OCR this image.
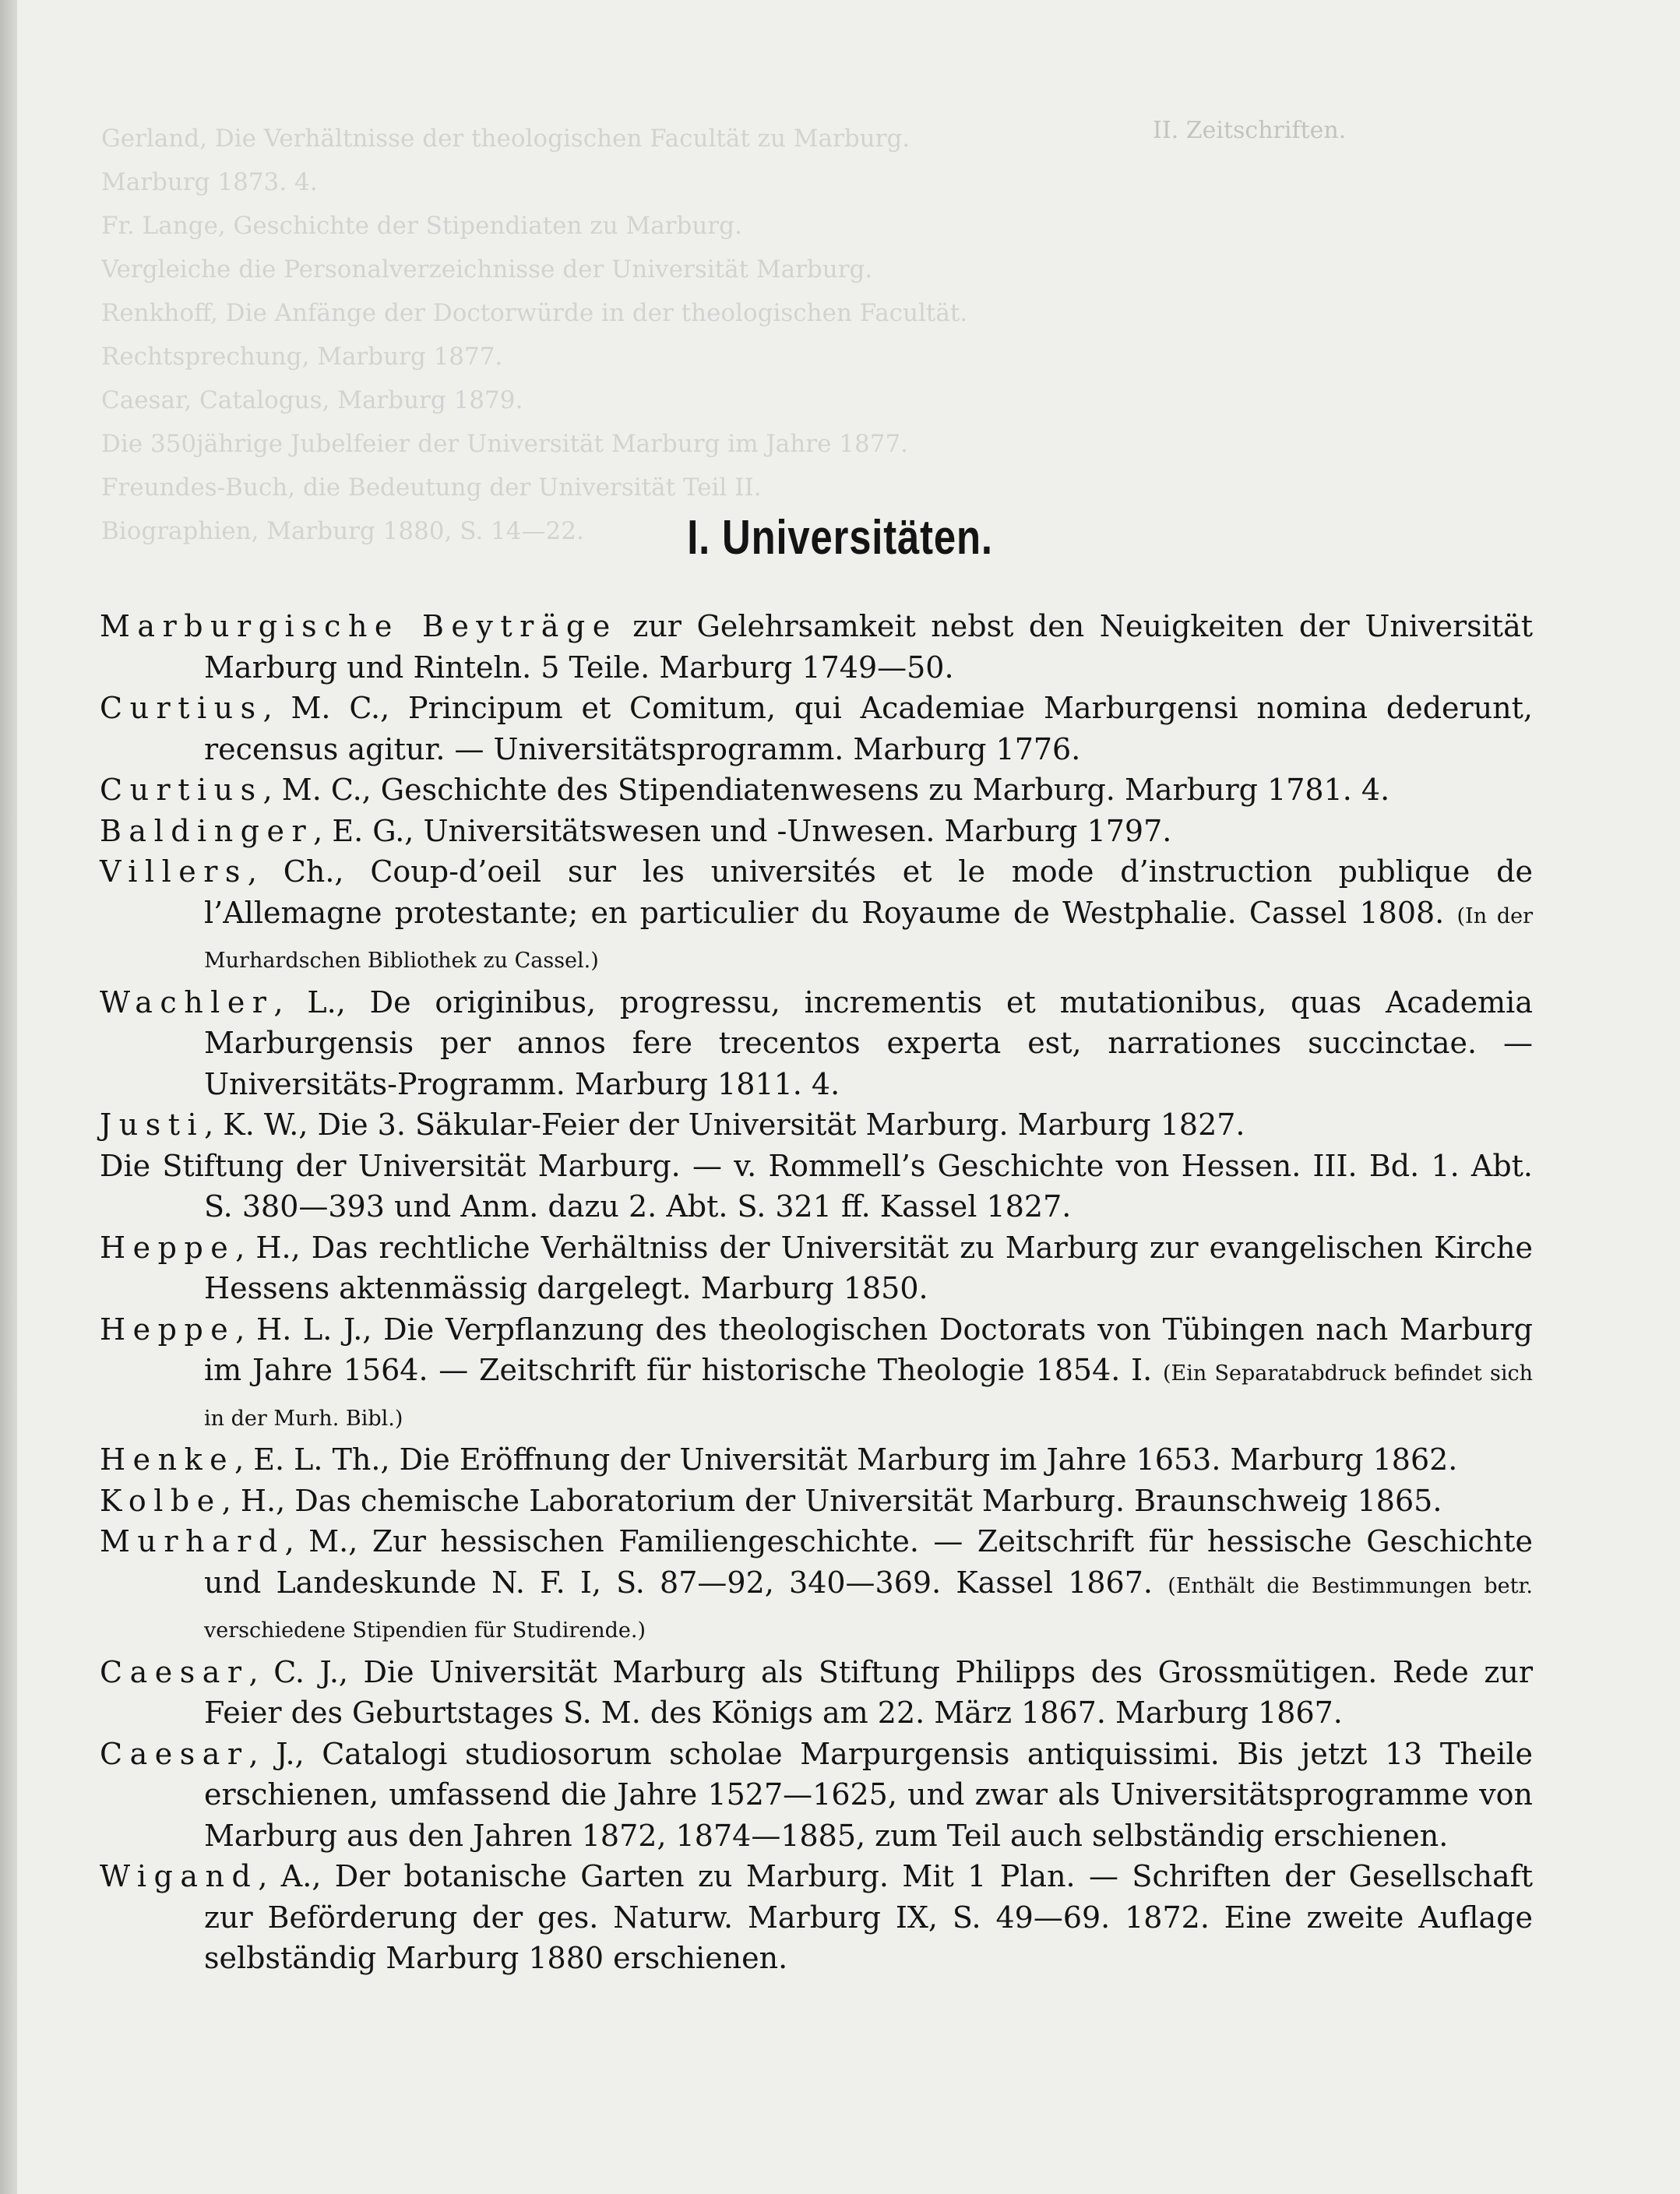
II. Zeitschriften.
Gerland, Die Verhältnisse der theologischen Facultät zu Marburg.
Marburg 1873. 4.
Fr. Lange, Geschichte der Stipendiaten zu Marburg.
Vergleiche die Personalverzeichnisse der Universität Marburg.
Renkhoff, Die Anfänge der Doctorwürde in der theologischen Facultät.
Rechtsprechung, Marburg 1877.
Caesar, Catalogus, Marburg 1879.
Die 350jährige Jubelfeier der Universität Marburg im Jahre 1877.
Freundes-Buch, die Bedeutung der Universität Teil II.
Biographien, Marburg 1880, S. 14—22.	I. Universitäten.
Marburgische Beyträge zur Gelehrsamkeit nebst den Neuigkeiten der Universität Marburg und Rinteln. 5 Teile. Marburg 1749—50.
Curtius, M. C., Principum et Comitum, qui Academiae Marburgensi nomina dederunt, recensus agitur. — Universitätsprogramm. Marburg 1776.
Curtius, M. C., Geschichte des Stipendiatenwesens zu Marburg. Marburg 1781. 4.
Baldinger, E. G., Universitätswesen und -Unwesen. Marburg 1797.
Villers, Ch., Coup-d’oeil sur les universités et le mode d’instruction publique de l’Allemagne protestante; en particulier du Royaume de Westphalie. Cassel 1808. (In der Murhardschen Bibliothek zu Cassel.)
Wachler, L., De originibus, progressu, incrementis et mutationibus, quas Academia Marburgensis per annos fere trecentos experta est, narrationes succinctae. — Universitäts-Programm. Marburg 1811. 4.
Justi, K. W., Die 3. Säkular-Feier der Universität Marburg. Marburg 1827.
Die Stiftung der Universität Marburg. — v. Rommell’s Geschichte von Hessen. III. Bd. 1. Abt. S. 380—393 und Anm. dazu 2. Abt. S. 321 ff. Kassel 1827.
Heppe, H., Das rechtliche Verhältniss der Universität zu Marburg zur evangelischen Kirche Hessens aktenmässig dargelegt. Marburg 1850.
Heppe, H. L. J., Die Verpflanzung des theologischen Doctorats von Tübingen nach Marburg im Jahre 1564. — Zeitschrift für historische Theologie 1854. I. (Ein Separatabdruck befindet sich in der Murh. Bibl.)
Henke, E. L. Th., Die Eröffnung der Universität Marburg im Jahre 1653. Marburg 1862.
Kolbe, H., Das chemische Laboratorium der Universität Marburg. Braunschweig 1865.
Murhard, M., Zur hessischen Familiengeschichte. — Zeitschrift für hessische Geschichte und Landeskunde N. F. I, S. 87—92, 340—369. Kassel 1867. (Enthält die Bestimmungen betr. verschiedene Stipendien für Studirende.)
Caesar, C. J., Die Universität Marburg als Stiftung Philipps des Grossmütigen. Rede zur Feier des Geburtstages S. M. des Königs am 22. März 1867. Marburg 1867.
Caesar, J., Catalogi studiosorum scholae Marpurgensis antiquissimi. Bis jetzt 13 Theile erschienen, umfassend die Jahre 1527—1625, und zwar als Universitätsprogramme von Marburg aus den Jahren 1872, 1874—1885, zum Teil auch selbständig erschienen.
Wigand, A., Der botanische Garten zu Marburg. Mit 1 Plan. — Schriften der Gesellschaft zur Beförderung der ges. Naturw. Marburg IX, S. 49—69. 1872. Eine zweite Auflage selbständig Marburg 1880 erschienen.
